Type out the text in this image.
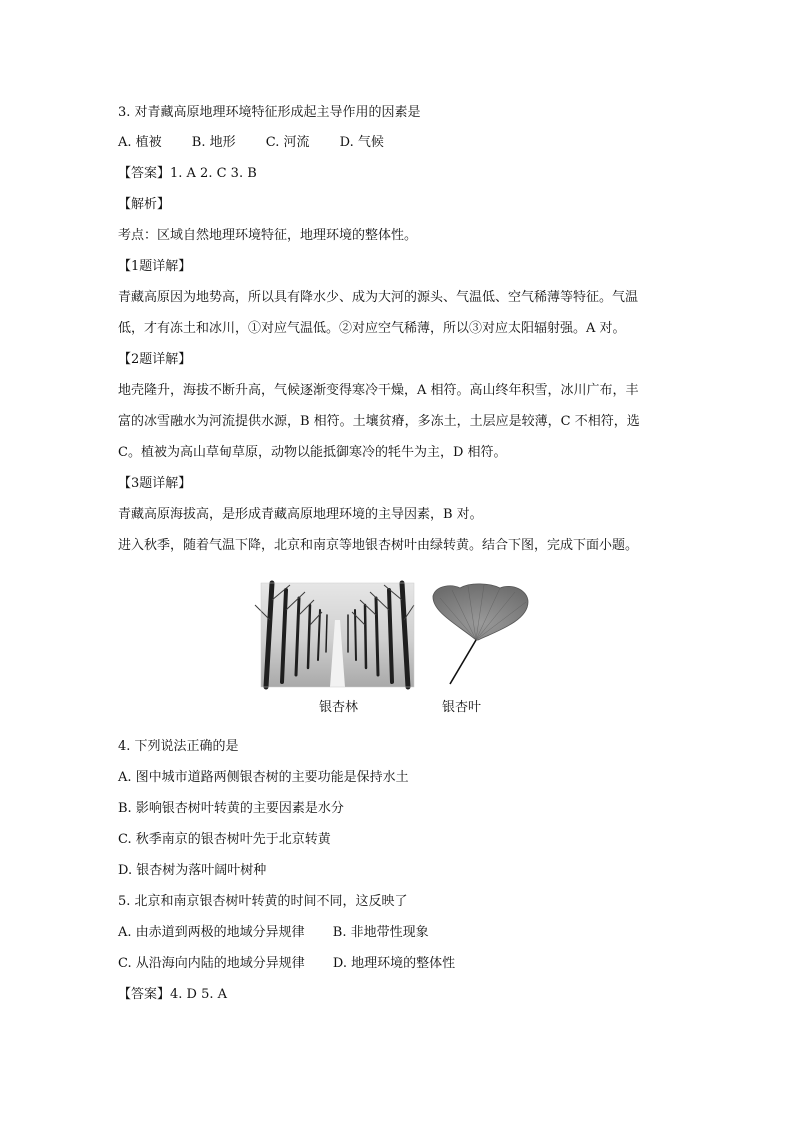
3. 对青藏高原地理环境特征形成起主导作用的因素是
A. 植被 B. 地形 C. 河流 D. 气候
【答案】1. A 2. C 3. B
【解析】
考点：区域自然地理环境特征，地理环境的整体性。
【1题详解】
青藏高原因为地势高，所以具有降水少、成为大河的源头、气温低、空气稀薄等特征。气温
低，才有冻土和冰川，①对应气温低。②对应空气稀薄，所以③对应太阳辐射强。A 对。
【2题详解】
地壳隆升，海拔不断升高，气候逐渐变得寒冷干燥，A 相符。高山终年积雪，冰川广布，丰
富的冰雪融水为河流提供水源，B 相符。土壤贫瘠，多冻土，土层应是较薄，C 不相符，选
C。植被为高山草甸草原，动物以能抵御寒冷的牦牛为主，D 相符。
【3题详解】
青藏高原海拔高，是形成青藏高原地理环境的主导因素，B 对。
进入秋季，随着气温下降，北京和南京等地银杏树叶由绿转黄。结合下图，完成下面小题。
银杏林	银杏叶
4. 下列说法正确的是
A. 图中城市道路两侧银杏树的主要功能是保持水土
B. 影响银杏树叶转黄的主要因素是水分
C. 秋季南京的银杏树叶先于北京转黄
D. 银杏树为落叶阔叶树种
5. 北京和南京银杏树叶转黄的时间不同，这反映了
A. 由赤道到两极的地域分异规律 B. 非地带性现象
C. 从沿海向内陆的地域分异规律 D. 地理环境的整体性
【答案】4. D 5. A
